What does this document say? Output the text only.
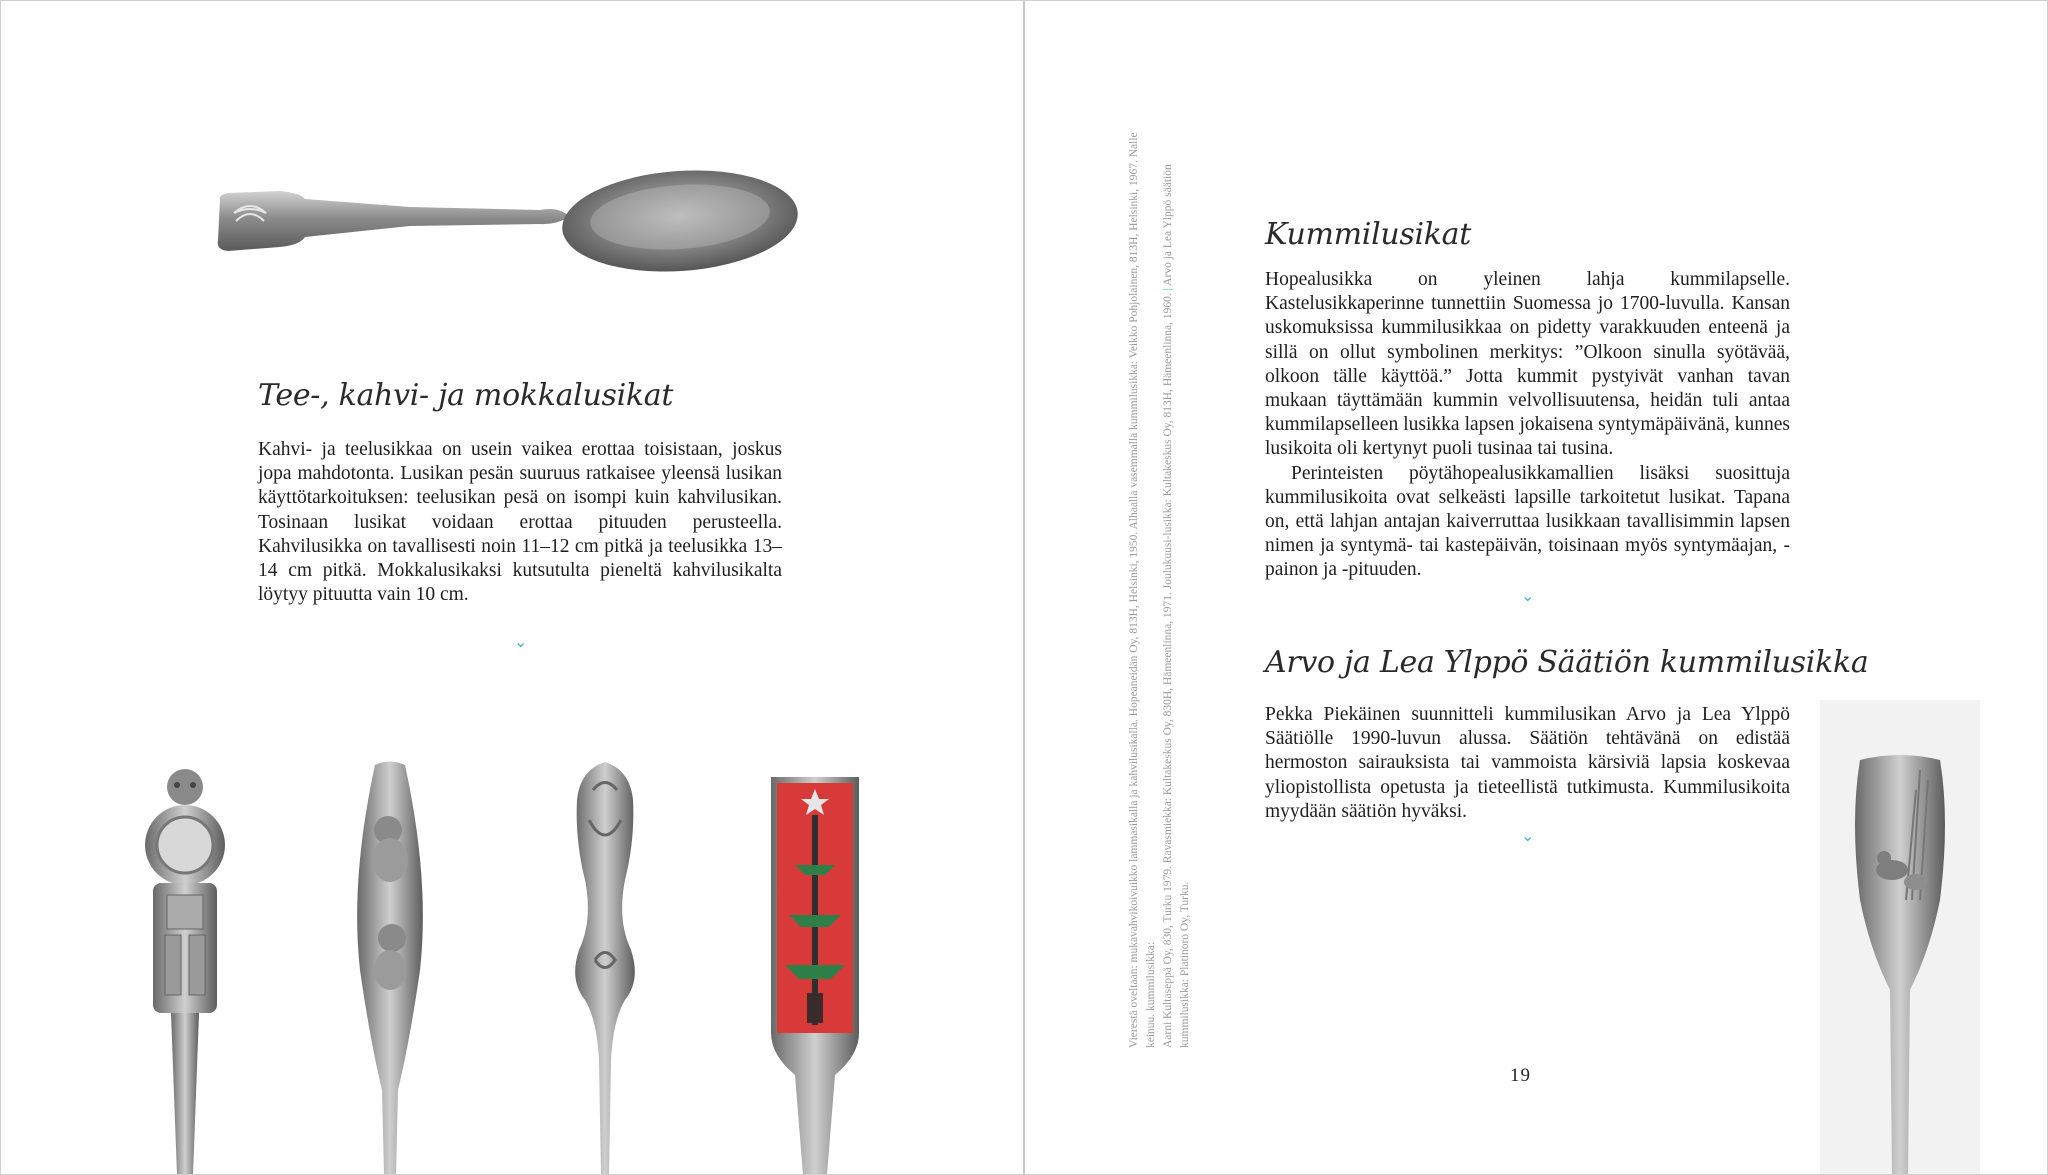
Tee-, kahvi- ja mokkalusikat

Kahvi- ja teelusikkaa on usein vaikea erottaa toisistaan, joskus jopa mahdotonta. Lusikan pesän suuruus ratkaisee yleensä lusikan käyttötarkoituksen: teelusikan pesä on isompi kuin kahvilusikan. Tosinaan lusikat voidaan erottaa pituuden perusteella. Kahvilusikka on tavallisesti noin 11–12 cm pitkä ja teelusikka 13–14 cm pitkä. Mokkalusikaksi kutsutulta pieneltä kahvilusikalta löytyy pituutta vain 10 cm.

⌄	Vierestä oveltaan: mukavahvikoivuikko lammasikalla ja kahvilusikalla. Hopeaneidän Oy, 813H, Helsinki, 1950. Alhaalla vasemmalla kummilusikka: Veikko Pohjolainen, 813H, Helsinki, 1967. Nalle keinuu. kummilusikka: Aarni Kultaseppä Oy, 830, Turku 1979. Ravasmiekka: Kultakeskus Oy, 830H, Hämeenlinna, 1971. Joulukuusi-lusikka: Kultakeskus Oy, 813H, Hämeenlinna, 1960. | Arvo ja Lea Ylppö säätiön
kummilusikka: Platinoro Oy, Turku.
Kummilusikat

Hopealusikka on yleinen lahja kummilapselle. Kastelusikkaperinne tunnettiin Suomessa jo 1700-luvulla. Kansan uskomuksissa kummilusikkaa on pidetty varakkuuden enteenä ja sillä on ollut symbolinen merkitys: ”Olkoon sinulla syötävää, olkoon tälle käyttöä.” Jotta kummit pystyivät vanhan tavan mukaan täyttämään kummin velvollisuutensa, heidän tuli antaa kummilapselleen lusikka lapsen jokaisena syntymäpäivänä, kunnes lusikoita oli kertynyt puoli tusinaa tai tusina.

Perinteisten pöytähopealusikkamallien lisäksi suosittuja kummilusikoita ovat selkeästi lapsille tarkoitetut lusikat. Tapana on, että lahjan antajan kaiverruttaa lusikkaan tavallisimmin lapsen nimen ja syntymä- tai kastepäivän, toisinaan myös syntymäajan, -painon ja -pituuden.

⌄
Arvo ja Lea Ylppö Säätiön kummilusikka

Pekka Piekäinen suunnitteli kummilusikan Arvo ja Lea Ylppö Säätiölle 1990-luvun alussa. Säätiön tehtävänä on edistää hermoston sairauksista tai vammoista kärsiviä lapsia koskevaa yliopistollista opetusta ja tieteellistä tutkimusta. Kummilusikoita myydään säätiön hyväksi.

⌄
19
